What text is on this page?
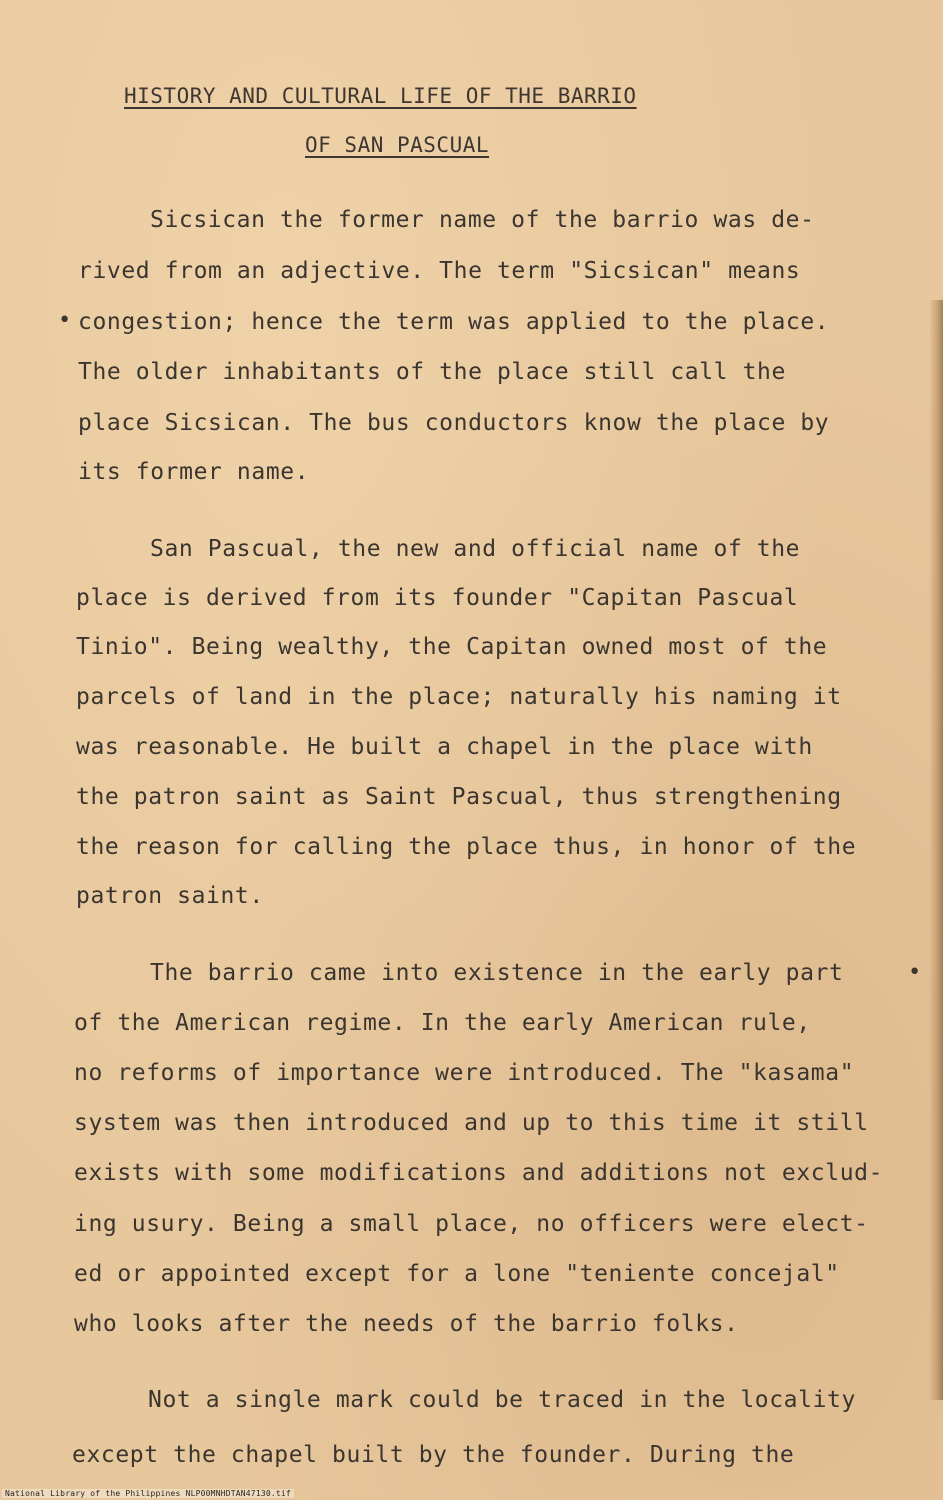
HISTORY AND CULTURAL LIFE OF THE BARRIO
OF SAN PASCUAL
Sicsican the former name of the barrio was de-
rived from an adjective. The term "Sicsican" means
• congestion; hence the term was applied to the place.
The older inhabitants of the place still call the
place Sicsican. The bus conductors know the place by
its former name.
San Pascual, the new and official name of the
place is derived from its founder "Capitan Pascual
Tinio". Being wealthy, the Capitan owned most of the
parcels of land in the place; naturally his naming it
was reasonable. He built a chapel in the place with
the patron saint as Saint Pascual, thus strengthening
the reason for calling the place thus, in honor of the
patron saint.
The barrio came into existence in the early part	•
of the American regime. In the early American rule,
no reforms of importance were introduced. The "kasama"
system was then introduced and up to this time it still
exists with some modifications and additions not exclud-
ing usury. Being a small place, no officers were elect-
ed or appointed except for a lone "teniente concejal"
who looks after the needs of the barrio folks.
Not a single mark could be traced in the locality
except the chapel built by the founder. During the
National Library of the Philippines NLP00MNHDTAN47130.tif
